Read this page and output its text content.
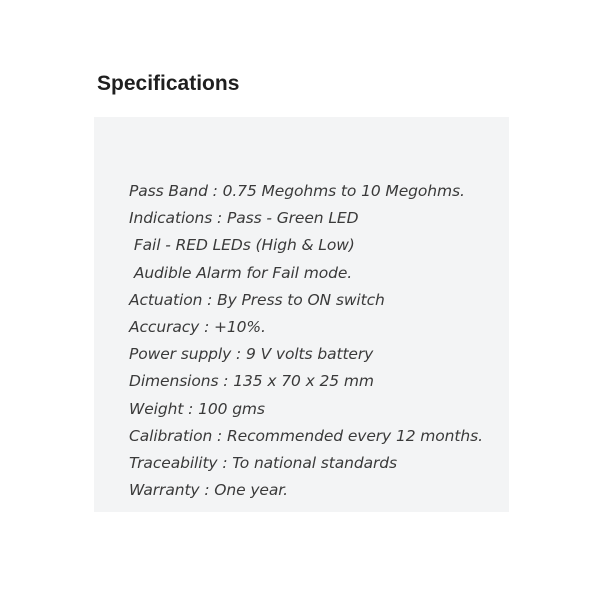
Specifications
Pass Band : 0.75 Megohms to 10 Megohms.
Indications : Pass - Green LED
Fail - RED LEDs (High & Low)
Audible Alarm for Fail mode.
Actuation : By Press to ON switch
Accuracy : +10%.
Power supply : 9 V volts battery
Dimensions : 135 x 70 x 25 mm
Weight : 100 gms
Calibration : Recommended every 12 months.
Traceability : To national standards
Warranty : One year.
